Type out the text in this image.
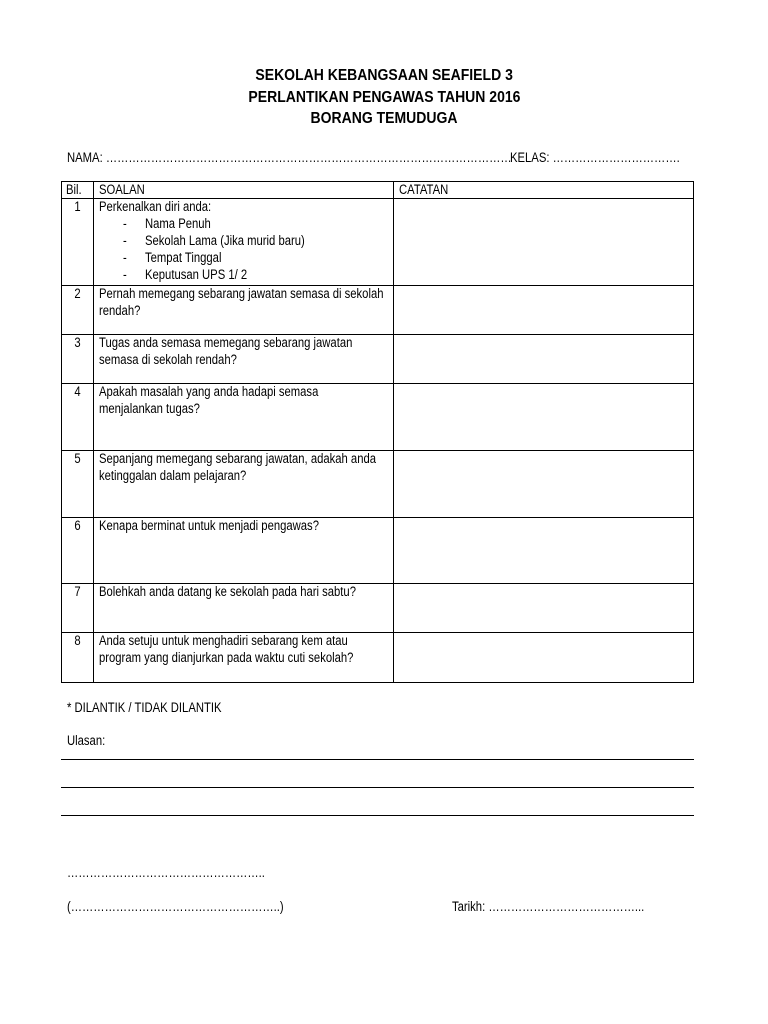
SEKOLAH KEBANGSAAN SEAFIELD 3
PERLANTIKAN PENGAWAS TAHUN 2016
BORANG TEMUDUGA
NAMA: ………………………………………………………………………………………………
KELAS: …………………………….
Bil. SOALAN	CATATAN
1	Perkenalkan diri anda:
- Nama Penuh
- Sekolah Lama (Jika murid baru)
- Tempat Tinggal
- Keputusan UPS 1/ 2
2	Pernah memegang sebarang jawatan semasa di sekolah
rendah?
3	Tugas anda semasa memegang sebarang jawatan
semasa di sekolah rendah?
4	Apakah masalah yang anda hadapi semasa
menjalankan tugas?
5	Sepanjang memegang sebarang jawatan, adakah anda
ketinggalan dalam pelajaran?
6	Kenapa berminat untuk menjadi pengawas?
7	Bolehkah anda datang ke sekolah pada hari sabtu?
8	Anda setuju untuk menghadiri sebarang kem atau
program yang dianjurkan pada waktu cuti sekolah?
* DILANTIK / TIDAK DILANTIK
Ulasan:
……………………………………………..
(………………………………………………..)	Tarikh: …………………………………...
